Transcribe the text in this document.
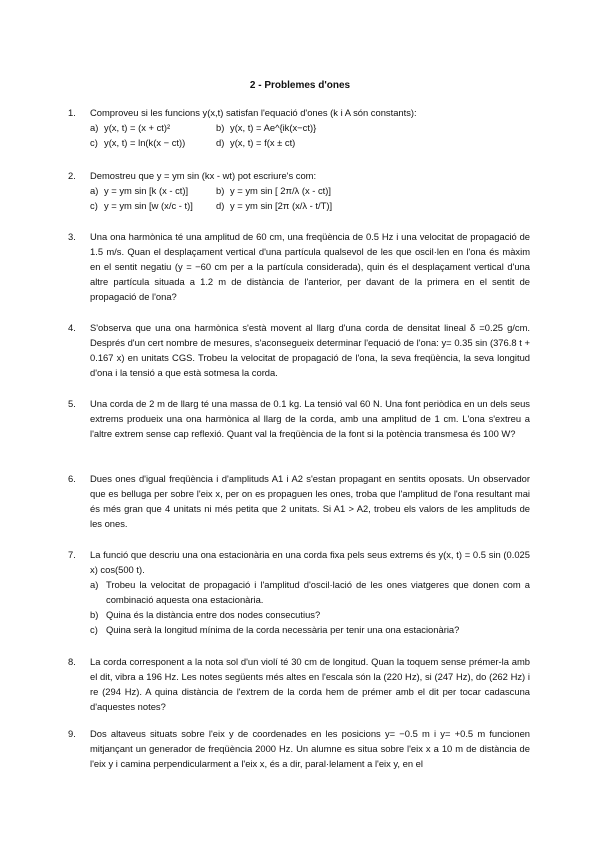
2 - Problemes d'ones
1. Comproveu si les funcions y(x,t) satisfan l'equació d'ones (k i A són constants):
a) y(x, t) = (x + ct)²	b) y(x, t) = Ae^{ik(x−ct)}
c) y(x, t) = ln(k(x − ct))	d) y(x, t) = f(x ± ct)
2. Demostreu que y = ym sin (kx - wt) pot escriure's com:
a) y = ym sin [k (x - ct)]	b) y = ym sin [ 2π/λ (x - ct)]
c) y = ym sin [w (x/c - t)]	d) y = ym sin [2π (x/λ - t/T)]
3. Una ona harmònica té una amplitud de 60 cm, una freqüència de 0.5 Hz i una velocitat de propagació de 1.5 m/s. Quan el desplaçament vertical d'una partícula qualsevol de les que oscil·len en l'ona és màxim en el sentit negatiu (y = −60 cm per a la partícula considerada), quin és el desplaçament vertical d'una altre partícula situada a 1.2 m de distància de l'anterior, per davant de la primera en el sentit de propagació de l'ona?
4. S'observa que una ona harmònica s'està movent al llarg d'una corda de densitat lineal δ =0.25 g/cm. Després d'un cert nombre de mesures, s'aconsegueix determinar l'equació de l'ona: y= 0.35 sin (376.8 t + 0.167 x) en unitats CGS. Trobeu la velocitat de propagació de l'ona, la seva freqüència, la seva longitud d'ona i la tensió a que està sotmesa la corda.
5. Una corda de 2 m de llarg té una massa de 0.1 kg. La tensió val 60 N. Una font periòdica en un dels seus extrems produeix una ona harmònica al llarg de la corda, amb una amplitud de 1 cm. L'ona s'extreu a l'altre extrem sense cap reflexió. Quant val la freqüència de la font si la potència transmesa és 100 W?
6. Dues ones d'igual freqüència i d'amplituds A1 i A2 s'estan propagant en sentits oposats. Un observador que es belluga per sobre l'eix x, per on es propaguen les ones, troba que l'amplitud de l'ona resultant mai és més gran que 4 unitats ni més petita que 2 unitats. Si A1 > A2, trobeu els valors de les amplituds de les ones.
7. La funció que descriu una ona estacionària en una corda fixa pels seus extrems és y(x, t) = 0.5 sin (0.025 x) cos(500 t).
a) Trobeu la velocitat de propagació i l'amplitud d'oscil·lació de les ones viatgeres que donen com a combinació aquesta ona estacionària.
b) Quina és la distància entre dos nodes consecutius?
c) Quina serà la longitud mínima de la corda necessària per tenir una ona estacionària?
8. La corda corresponent a la nota sol d'un violí té 30 cm de longitud. Quan la toquem sense prémer-la amb el dit, vibra a 196 Hz. Les notes següents més altes en l'escala són la (220 Hz), si (247 Hz), do (262 Hz) i re (294 Hz). A quina distància de l'extrem de la corda hem de prémer amb el dit per tocar cadascuna d'aquestes notes?
9. Dos altaveus situats sobre l'eix y de coordenades en les posicions y= −0.5 m i y= +0.5 m funcionen mitjançant un generador de freqüència 2000 Hz. Un alumne es situa sobre l'eix x a 10 m de distància de l'eix y i camina perpendicularment a l'eix x, és a dir, paral·lelament a l'eix y, en el
